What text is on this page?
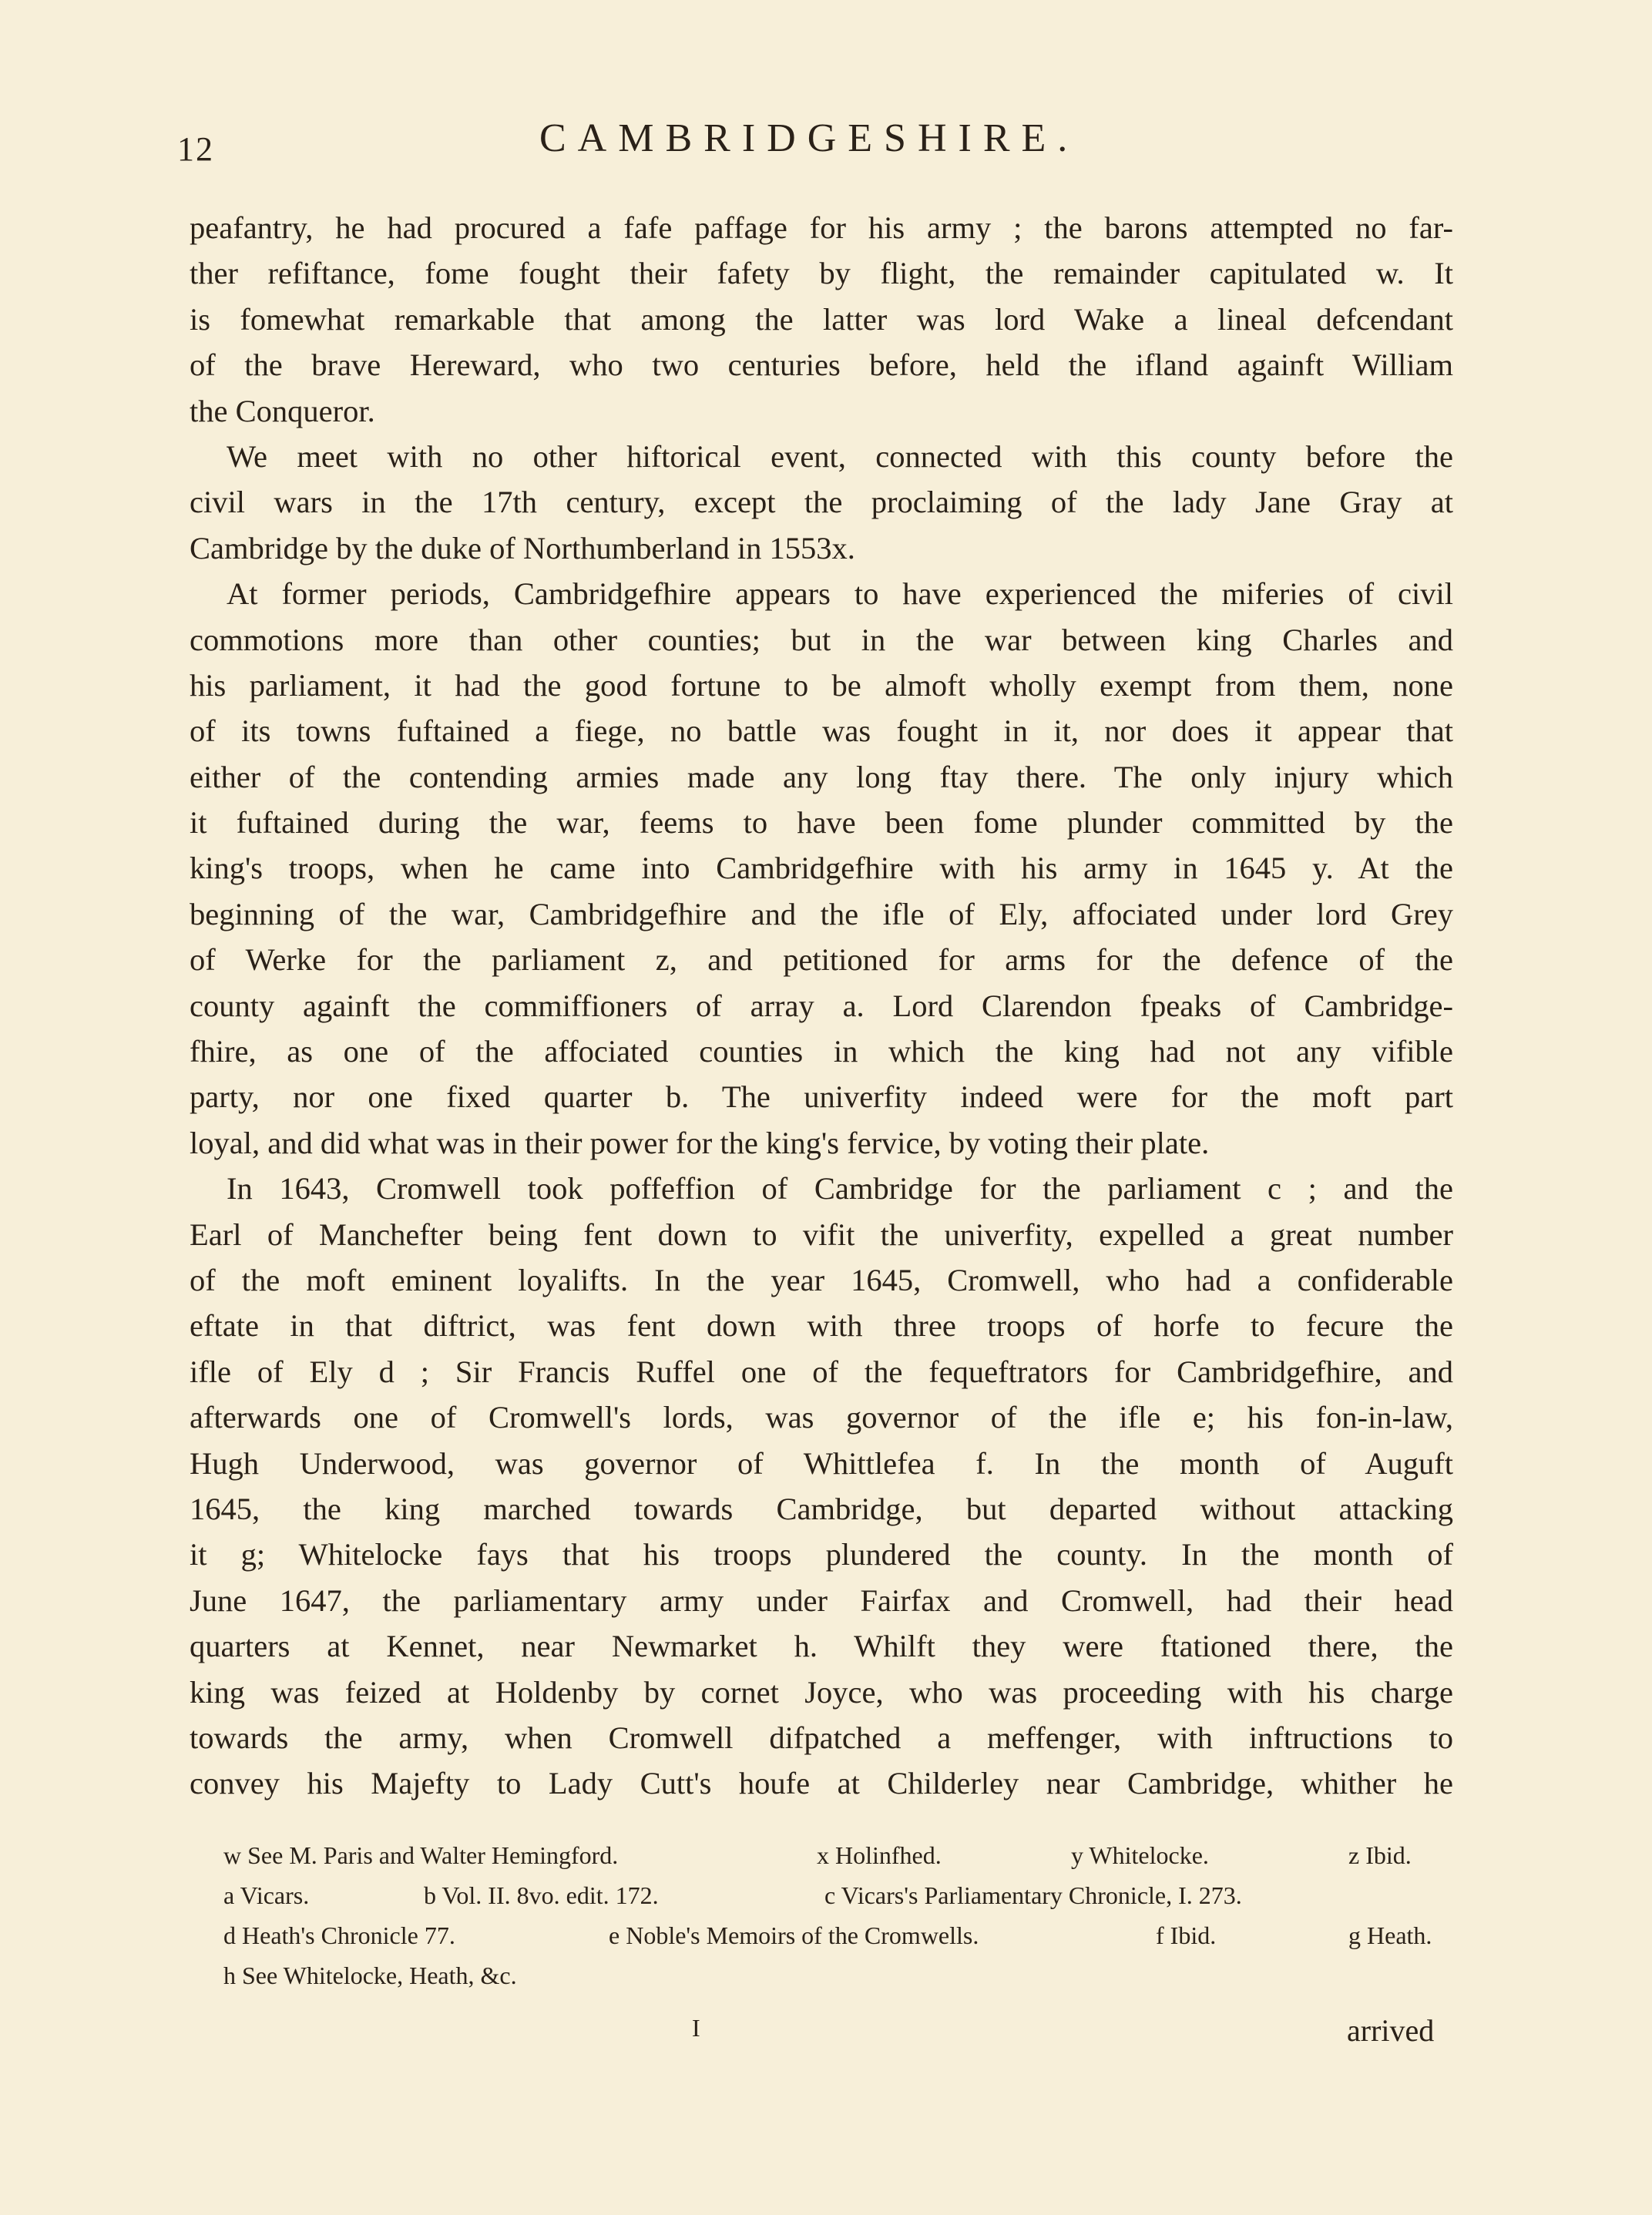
12	CAMBRIDGESHIRE.
peafantry, he had procured a fafe paffage for his army ; the barons attempted no far-
ther refiftance, fome fought their fafety by flight, the remainder capitulated w. It
is fomewhat remarkable that among the latter was lord Wake a lineal defcendant
of the brave Hereward, who two centuries before, held the ifland againft William
the Conqueror.
We meet with no other hiftorical event, connected with this county before the
civil wars in the 17th century, except the proclaiming of the lady Jane Gray at
Cambridge by the duke of Northumberland in 1553x.
At former periods, Cambridgefhire appears to have experienced the miferies of civil
commotions more than other counties; but in the war between king Charles and
his parliament, it had the good fortune to be almoft wholly exempt from them, none
of its towns fuftained a fiege, no battle was fought in it, nor does it appear that
either of the contending armies made any long ftay there. The only injury which
it fuftained during the war, feems to have been fome plunder committed by the
king's troops, when he came into Cambridgefhire with his army in 1645 y. At the
beginning of the war, Cambridgefhire and the ifle of Ely, affociated under lord Grey
of Werke for the parliament z, and petitioned for arms for the defence of the
county againft the commiffioners of array a. Lord Clarendon fpeaks of Cambridge-
fhire, as one of the affociated counties in which the king had not any vifible
party, nor one fixed quarter b. The univerfity indeed were for the moft part
loyal, and did what was in their power for the king's fervice, by voting their plate.
In 1643, Cromwell took poffeffion of Cambridge for the parliament c ; and the
Earl of Manchefter being fent down to vifit the univerfity, expelled a great number
of the moft eminent loyalifts. In the year 1645, Cromwell, who had a confiderable
eftate in that diftrict, was fent down with three troops of horfe to fecure the
ifle of Ely d ; Sir Francis Ruffel one of the fequeftrators for Cambridgefhire, and
afterwards one of Cromwell's lords, was governor of the ifle e; his fon-in-law,
Hugh Underwood, was governor of Whittlefea f. In the month of Auguft
1645, the king marched towards Cambridge, but departed without attacking
it g; Whitelocke fays that his troops plundered the county. In the month of
June 1647, the parliamentary army under Fairfax and Cromwell, had their head
quarters at Kennet, near Newmarket h. Whilft they were ftationed there, the
king was feized at Holdenby by cornet Joyce, who was proceeding with his charge
towards the army, when Cromwell difpatched a meffenger, with inftructions to
convey his Majefty to Lady Cutt's houfe at Childerley near Cambridge, whither he
w See M. Paris and Walter Hemingford.	x Holinfhed.	y Whitelocke.	z Ibid.
a Vicars.	b Vol. II. 8vo. edit. 172.	c Vicars's Parliamentary Chronicle, I. 273.
d Heath's Chronicle 77.	e Noble's Memoirs of the Cromwells.	f Ibid.	g Heath.
h See Whitelocke, Heath, &c.
I	arrived
